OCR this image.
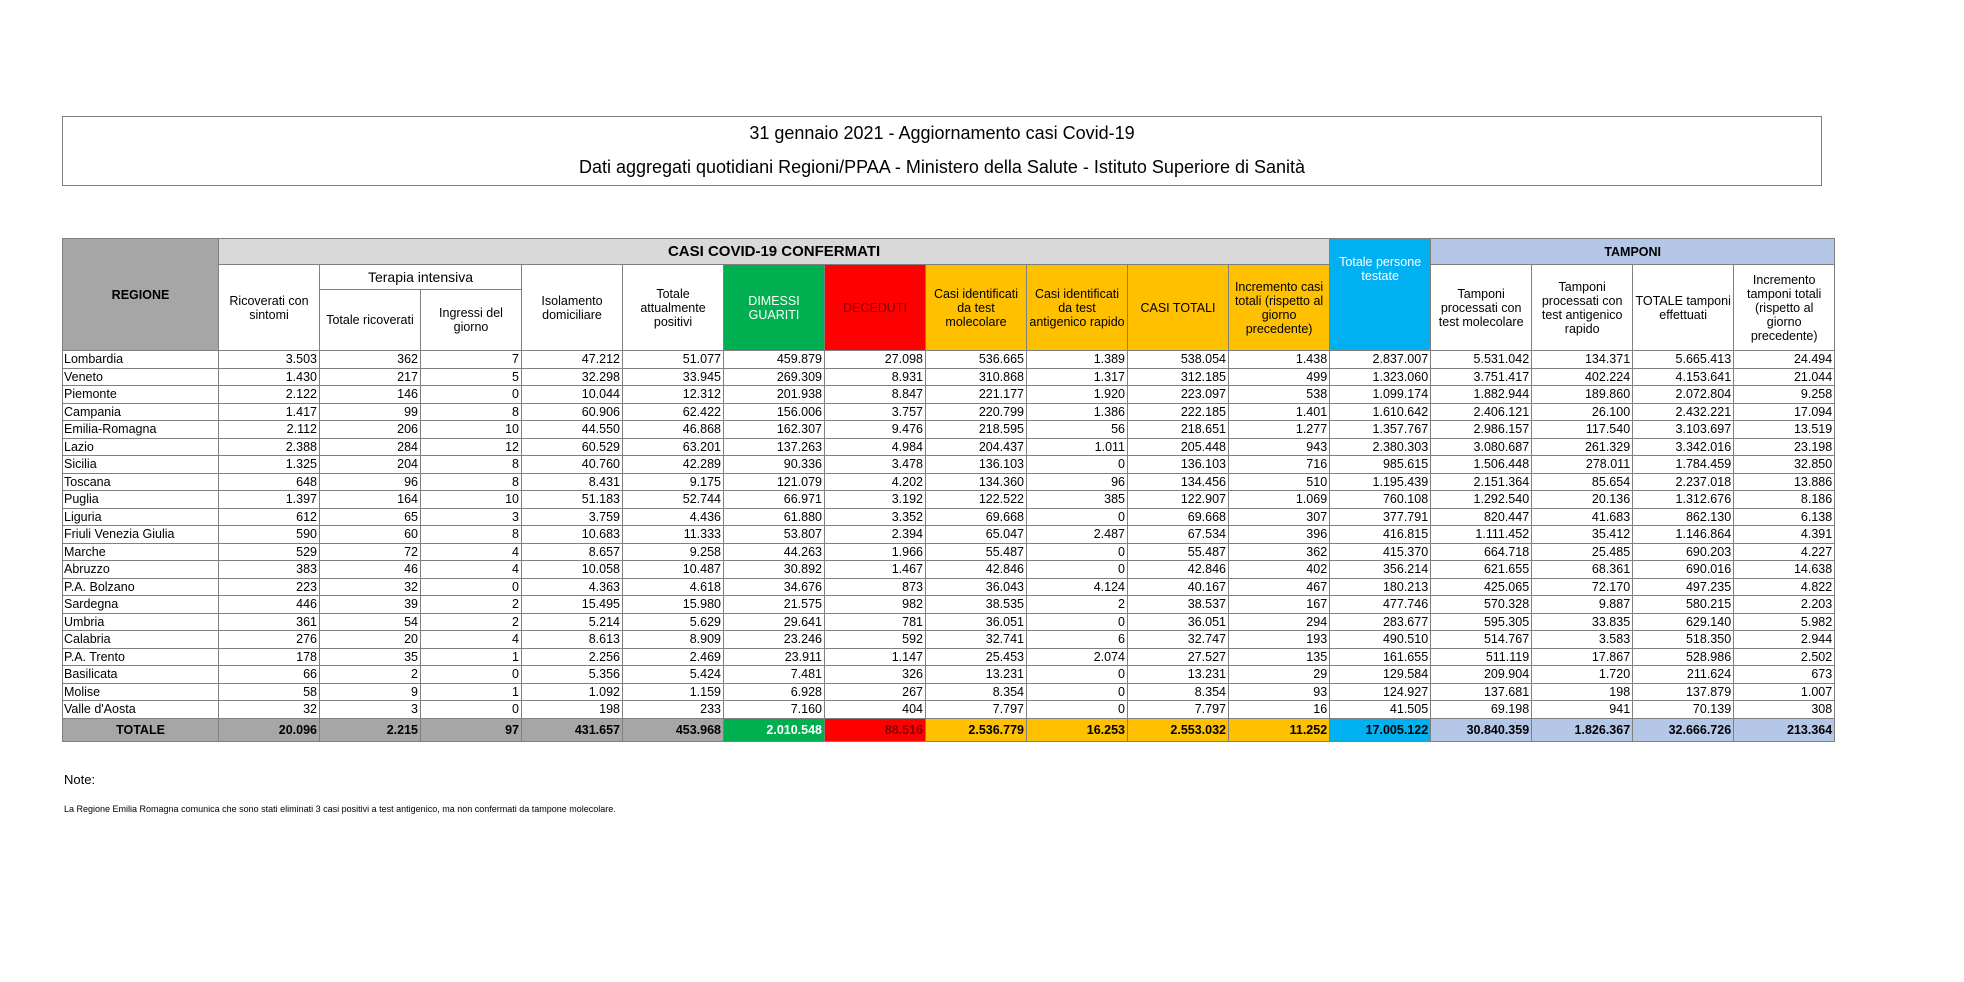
31 gennaio 2021 - Aggiornamento casi Covid-19
Dati aggregati quotidiani Regioni/PPAA - Ministero della Salute - Istituto Superiore di Sanità
REGIONE	CASI COVID-19 CONFERMATI											Totale persone testate	TAMPONI			
	Ricoverati con sintomi	Terapia intensiva		Isolamento domiciliare	Totale attualmente positivi	DIMESSI GUARITI	DECEDUTI	Casi identificati da test molecolare	Casi identificati da test antigenico rapido	CASI TOTALI	Incremento casi totali (rispetto al giorno precedente)		Tamponi processati con test molecolare	Tamponi processati con test antigenico rapido	TOTALE tamponi effettuati	Incremento tamponi totali (rispetto al giorno precedente)
		Totale ricoverati	Ingressi del giorno													
Lombardia	3.503	362	7	47.212	51.077	459.879	27.098	536.665	1.389	538.054	1.438	2.837.007	5.531.042	134.371	5.665.413	24.494
Veneto	1.430	217	5	32.298	33.945	269.309	8.931	310.868	1.317	312.185	499	1.323.060	3.751.417	402.224	4.153.641	21.044
Piemonte	2.122	146	0	10.044	12.312	201.938	8.847	221.177	1.920	223.097	538	1.099.174	1.882.944	189.860	2.072.804	9.258
Campania	1.417	99	8	60.906	62.422	156.006	3.757	220.799	1.386	222.185	1.401	1.610.642	2.406.121	26.100	2.432.221	17.094
Emilia-Romagna	2.112	206	10	44.550	46.868	162.307	9.476	218.595	56	218.651	1.277	1.357.767	2.986.157	117.540	3.103.697	13.519
Lazio	2.388	284	12	60.529	63.201	137.263	4.984	204.437	1.011	205.448	943	2.380.303	3.080.687	261.329	3.342.016	23.198
Sicilia	1.325	204	8	40.760	42.289	90.336	3.478	136.103	0	136.103	716	985.615	1.506.448	278.011	1.784.459	32.850
Toscana	648	96	8	8.431	9.175	121.079	4.202	134.360	96	134.456	510	1.195.439	2.151.364	85.654	2.237.018	13.886
Puglia	1.397	164	10	51.183	52.744	66.971	3.192	122.522	385	122.907	1.069	760.108	1.292.540	20.136	1.312.676	8.186
Liguria	612	65	3	3.759	4.436	61.880	3.352	69.668	0	69.668	307	377.791	820.447	41.683	862.130	6.138
Friuli Venezia Giulia	590	60	8	10.683	11.333	53.807	2.394	65.047	2.487	67.534	396	416.815	1.111.452	35.412	1.146.864	4.391
Marche	529	72	4	8.657	9.258	44.263	1.966	55.487	0	55.487	362	415.370	664.718	25.485	690.203	4.227
Abruzzo	383	46	4	10.058	10.487	30.892	1.467	42.846	0	42.846	402	356.214	621.655	68.361	690.016	14.638
P.A. Bolzano	223	32	0	4.363	4.618	34.676	873	36.043	4.124	40.167	467	180.213	425.065	72.170	497.235	4.822
Sardegna	446	39	2	15.495	15.980	21.575	982	38.535	2	38.537	167	477.746	570.328	9.887	580.215	2.203
Umbria	361	54	2	5.214	5.629	29.641	781	36.051	0	36.051	294	283.677	595.305	33.835	629.140	5.982
Calabria	276	20	4	8.613	8.909	23.246	592	32.741	6	32.747	193	490.510	514.767	3.583	518.350	2.944
P.A. Trento	178	35	1	2.256	2.469	23.911	1.147	25.453	2.074	27.527	135	161.655	511.119	17.867	528.986	2.502
Basilicata	66	2	0	5.356	5.424	7.481	326	13.231	0	13.231	29	129.584	209.904	1.720	211.624	673
Molise	58	9	1	1.092	1.159	6.928	267	8.354	0	8.354	93	124.927	137.681	198	137.879	1.007
Valle d'Aosta	32	3	0	198	233	7.160	404	7.797	0	7.797	16	41.505	69.198	941	70.139	308
TOTALE	20.096	2.215	97	431.657	453.968	2.010.548	88.516	2.536.779	16.253	2.553.032	11.252	17.005.122	30.840.359	1.826.367	32.666.726	213.364
Note:
La Regione Emilia Romagna comunica che sono stati eliminati 3 casi positivi a test antigenico, ma non confermati da tampone molecolare.
